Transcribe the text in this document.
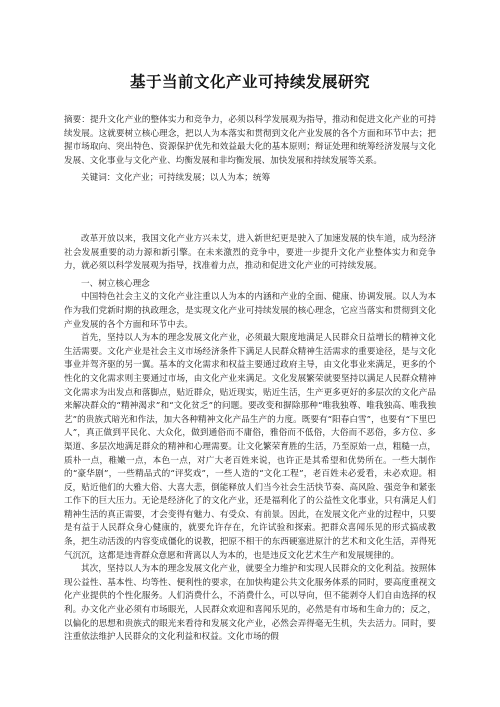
基于当前文化产业可持续发展研究

摘要：提升文化产业的整体实力和竞争力，必须以科学发展观为指导，推动和促进文化产业的可持续发展。这就要树立核心理念，把以人为本落实和贯彻到文化产业发展的各个方面和环节中去；把握市场取向、突出特色、资源保护优先和效益最大化的基本原则；辩证处理和统筹经济发展与文化发展、文化事业与文化产业、均衡发展和非均衡发展、加快发展和持续发展等关系。

关键词：文化产业；可持续发展；以人为本；统筹

改革开放以来，我国文化产业方兴未艾，进入新世纪更是驶入了加速发展的快车道，成为经济社会发展重要的动力源和新引擎。在未来激烈的竞争中，要进一步提升文化产业整体实力和竞争力，就必须以科学发展观为指导，找准着力点，推动和促进文化产业的可持续发展。

一、树立核心理念

中国特色社会主义的文化产业注重以人为本的内涵和产业的全面、健康、协调发展。以人为本作为我们党新时期的执政理念，是实现文化产业可持续发展的核心理念，它应当落实和贯彻到文化产业发展的各个方面和环节中去。

首先，坚持以人为本的理念发展文化产业，必须最大限度地满足人民群众日益增长的精神文化生活需要。文化产业是社会主义市场经济条件下满足人民群众精神生活需求的重要途径，是与文化事业并驾齐驱的另一翼。基本的文化需求和权益主要通过政府主导，由文化事业来满足，更多的个性化的文化需求则主要通过市场，由文化产业来满足。文化发展繁荣就要坚持以满足人民群众精神文化需求为出发点和落脚点，贴近群众，贴近现实，贴近生活，生产更多更好的多层次的文化产品来解决群众的“精神渴求”和“文化贫乏”的问题。要改变和摒除那种“唯我独尊、唯我独高、唯我独艺”的贵族式暗光和作法，加大各种精神文化产品生产的力度。既要有“阳春白雪”，也要有“下里巴人”，真正做到平民化、大众化，做到通俗而不庸俗，雅俗而不低俗，大俗而不恶俗，多方位、多渠道、多层次地满足群众的精神和心理需要。让文化繁荣育胜的生活，乃至原始一点，粗糙一点，质朴一点，稚嫩一点，本色一点，对广大老百姓来说，也许正是其希望和优势所在。一些大制作的“豪华剧”，一些精品式的“评奖戏”，一些人造的“文化工程”，老百姓未必爱看，未必欢迎。相反，贴近他们的大雅大俗、大喜大悲，倒能释放人们当今社会生活快节奏、高风险、强竞争和紧张工作下的巨大压力。无论是经济化了的文化产业，还是福利化了的公益性文化事业，只有满足人们精神生活的真正需要，才会变得有魅力、有受众、有前景。因此，在发展文化产业的过程中，只要是有益于人民群众身心健康的，就要允许存在，允许试验和探索。把群众喜闻乐见的形式搞成教条，把生动活泼的内容变成僵化的说教，把原不相干的东西硬塞进原汁的艺术和文化生活，弄得死气沉沉，这都是违背群众意愿和背离以人为本的，也是违反文化艺术生产和发展规律的。

其次，坚持以人为本的理念发展文化产业，就要全力维护和实现人民群众的文化利益。按照体现公益性、基本性、均等性、便利性的要求，在加快构建公共文化服务体系的同时，要高度重视文化产业提供的个性化服务。人们消费什么，不消费什么，可以导向，但不能剥夺人们自由选择的权利。办文化产业必须有市场眼光，人民群众欢迎和喜闻乐见的，必然是有市场和生命力的；反之，以偏化的思想和贵族式的眼光来看待和发展文化产业，必然会弄得毫无生机，失去活力。同时，要注重依法维护人民群众的文化利益和权益。文化市场的假
